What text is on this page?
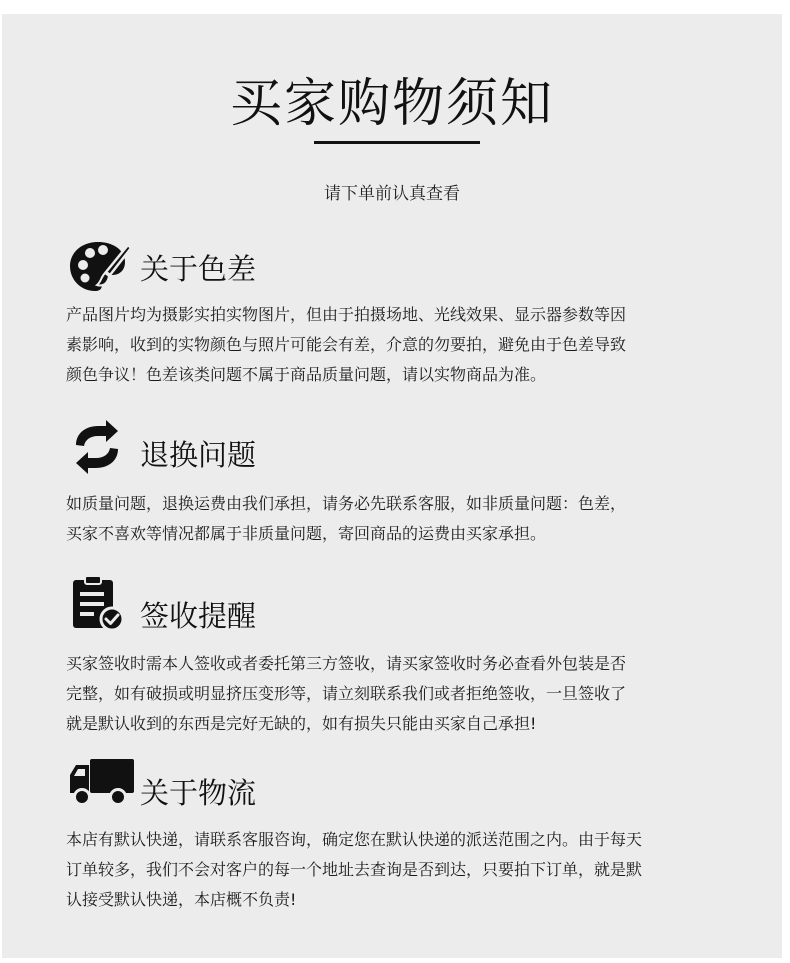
买家购物须知
请下单前认真查看
关于色差

产品图片均为摄影实拍实物图片，但由于拍摄场地、光线效果、显示器参数等因

素影响，收到的实物颜色与照片可能会有差，介意的勿要拍，避免由于色差导致

颜色争议！色差该类问题不属于商品质量问题，请以实物商品为准。

退换问题

如质量问题，退换运费由我们承担，请务必先联系客服，如非质量问题：色差，

买家不喜欢等情况都属于非质量问题，寄回商品的运费由买家承担。

签收提醒

买家签收时需本人签收或者委托第三方签收，请买家签收时务必查看外包装是否

完整，如有破损或明显挤压变形等，请立刻联系我们或者拒绝签收，一旦签收了

就是默认收到的东西是完好无缺的，如有损失只能由买家自己承担!

关于物流

本店有默认快递，请联系客服咨询，确定您在默认快递的派送范围之内。由于每天

订单较多，我们不会对客户的每一个地址去查询是否到达，只要拍下订单，就是默

认接受默认快递，本店概不负责!
